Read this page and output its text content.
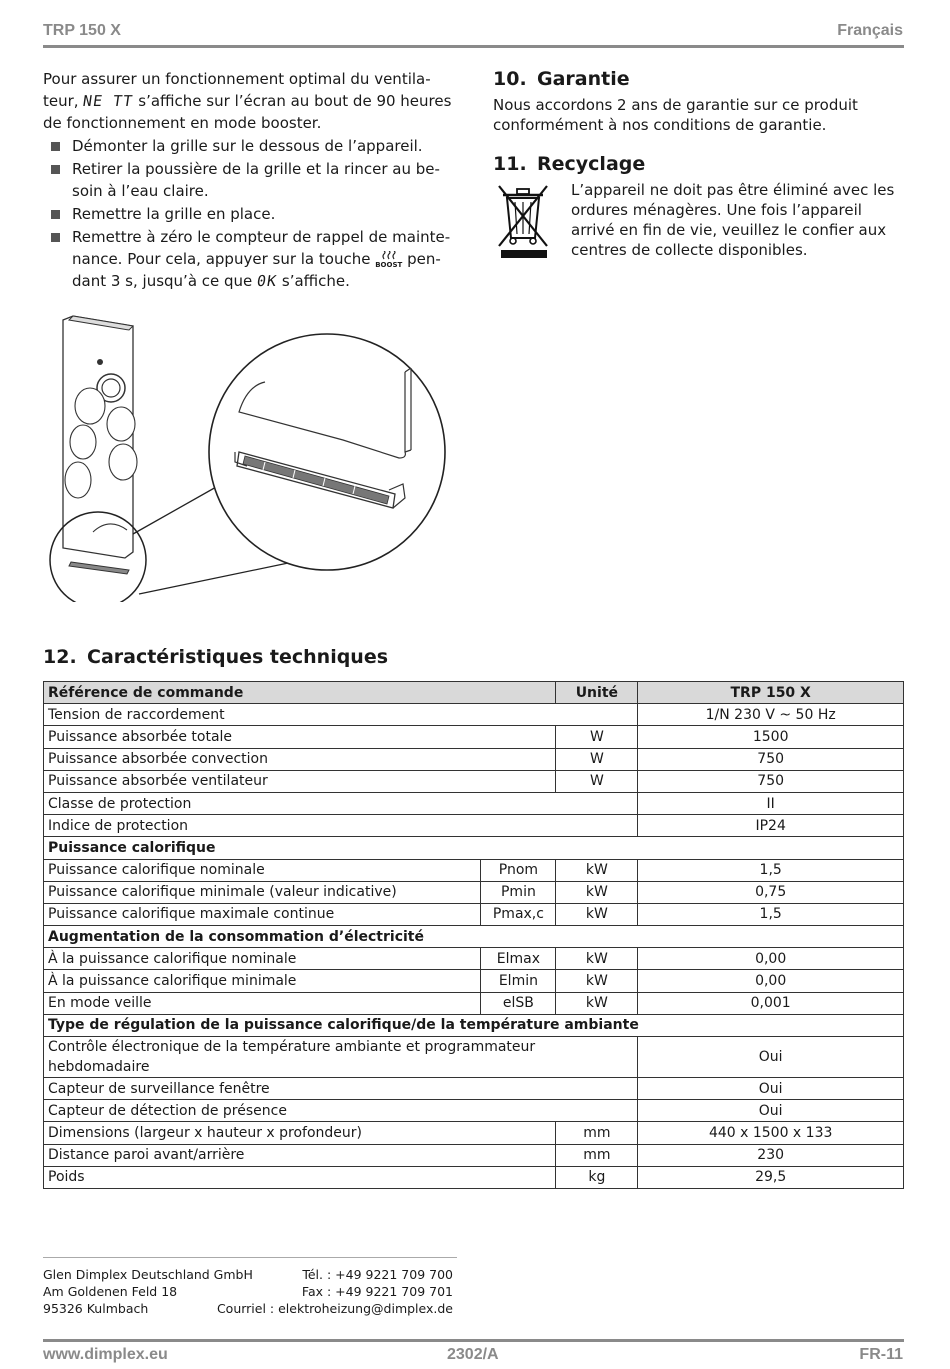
TRP 150 X	Français

Pour assurer un fonctionnement optimal du ventila-
teur, NE TT s’affiche sur l’écran au bout de 90 heures de fonctionnement en mode booster.

Démonter la grille sur le dessous de l’appareil.
Retirer la poussière de la grille et la rincer au be- soin à l’eau claire.
Remettre la grille en place.
Remettre à zéro le compteur de rappel de mainte- nance. Pour cela, appuyer sur la touche BOOST pen- dant 3 s, jusqu’à ce que 0K s’affiche.
10. Garantie

Nous accordons 2 ans de garantie sur ce produit conformément à nos conditions de garantie.

11. Recyclage

L’appareil ne doit pas être éliminé avec les ordures ménagères. Une fois l’appareil arrivé en fin de vie, veuillez le confier aux centres de collecte disponibles.

12. Caractéristiques techniques
Référence de commande		Unité	TRP 150 X
Tension de raccordement			1/N 230 V ~ 50 Hz
Puissance absorbée totale		W	1500
Puissance absorbée convection		W	750
Puissance absorbée ventilateur		W	750
Classe de protection			II
Indice de protection			IP24
Puissance calorifique			
Puissance calorifique nominale	Pnom	kW	1,5
Puissance calorifique minimale (valeur indicative)	Pmin	kW	0,75
Puissance calorifique maximale continue	Pmax,c	kW	1,5
Augmentation de la consommation d’électricité			
À la puissance calorifique nominale	Elmax	kW	0,00
À la puissance calorifique minimale	Elmin	kW	0,00
En mode veille	elSB	kW	0,001
Type de régulation de la puissance calorifique/de la température ambiante			
Contrôle électronique de la température ambiante et programmateur hebdomadaire			Oui
Capteur de surveillance fenêtre			Oui
Capteur de détection de présence			Oui
Dimensions (largeur x hauteur x profondeur)		mm	440 x 1500 x 133
Distance paroi avant/arrière		mm	230
Poids		kg	29,5
Glen Dimplex Deutschland GmbH
Am Goldenen Feld 18
95326 Kulmbach
Tél. : +49 9221 709 700
Fax : +49 9221 709 701
Courriel : elektroheizung@dimplex.de
www.dimplex.eu	2302/A	FR-11
